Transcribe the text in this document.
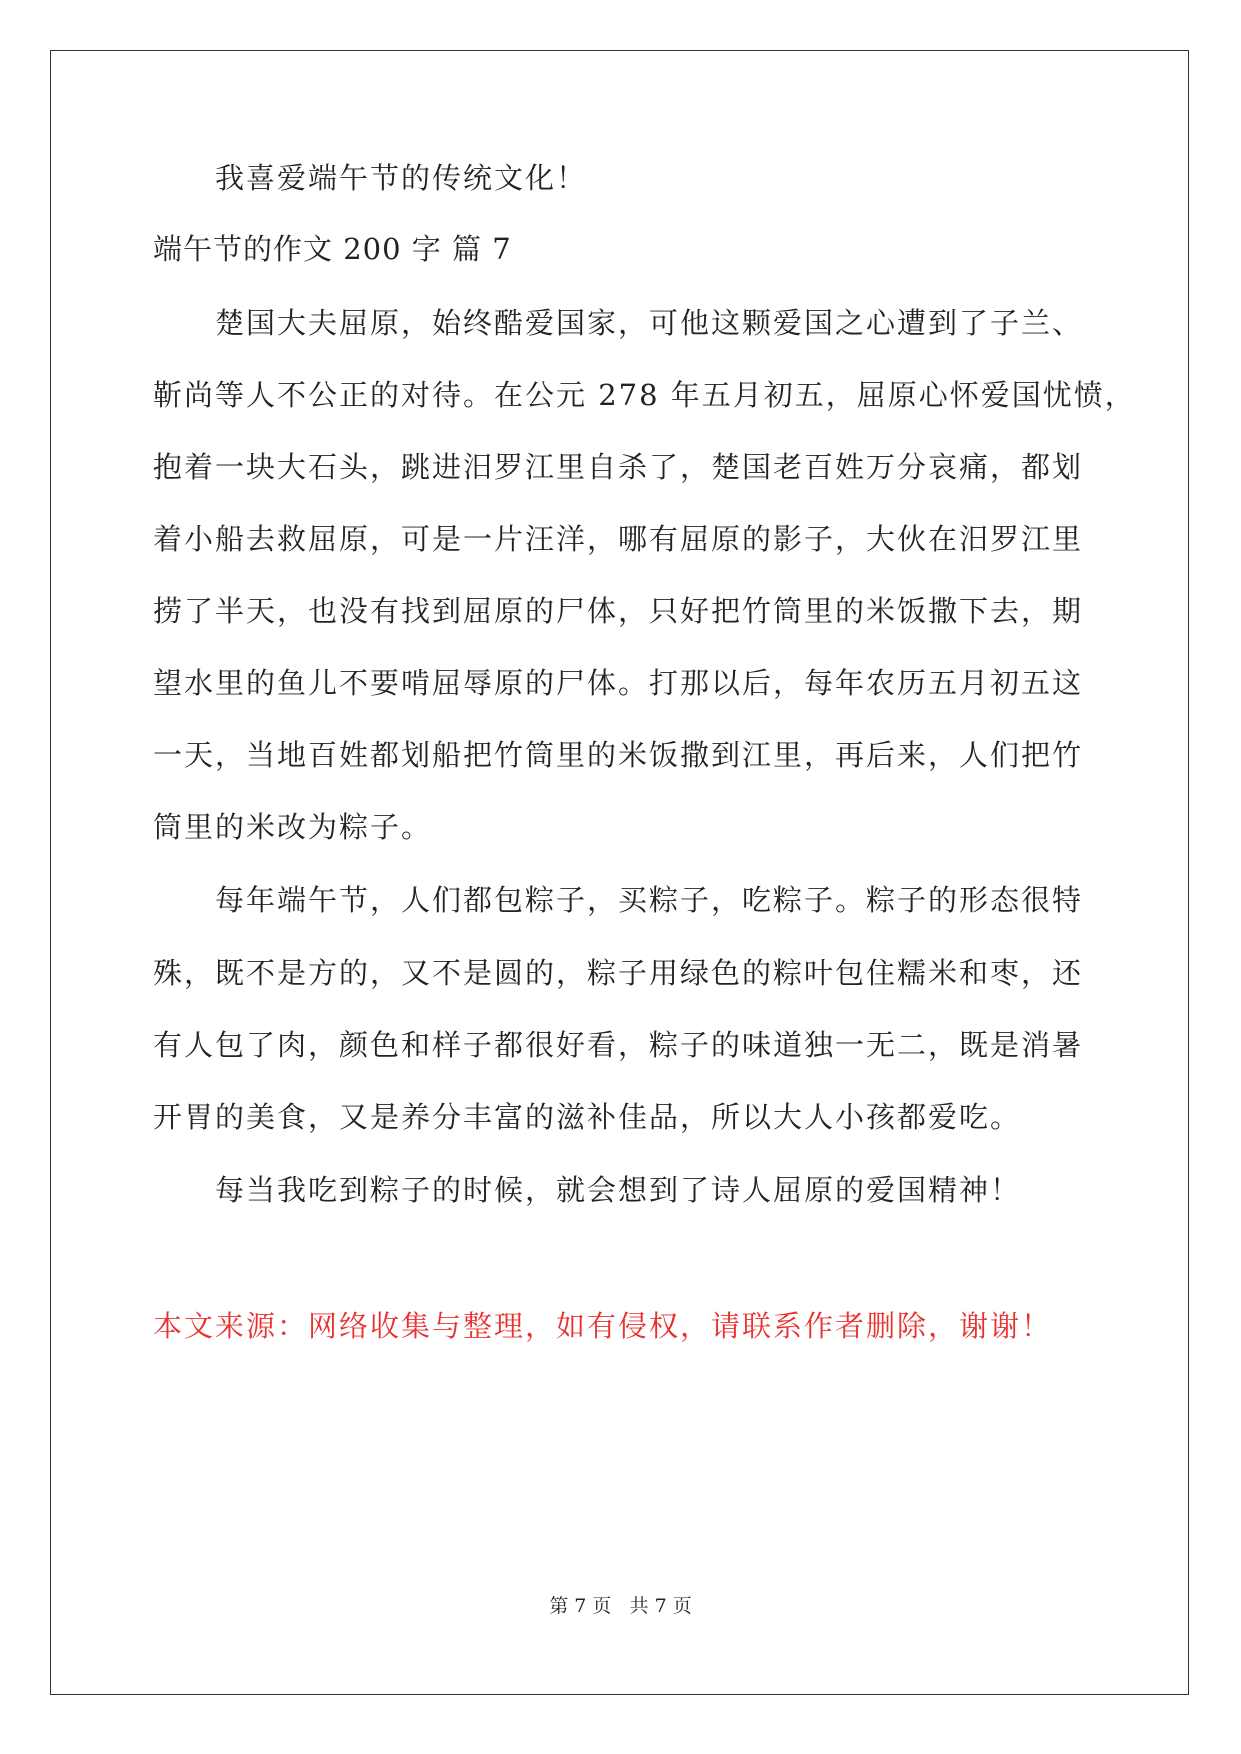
我喜爱端午节的传统文化！

端午节的作文 200 字 篇 7

楚国大夫屈原，始终酷爱国家，可他这颗爱国之心遭到了子兰、

靳尚等人不公正的对待。在公元 278 年五月初五，屈原心怀爱国忧愤，

抱着一块大石头，跳进汨罗江里自杀了，楚国老百姓万分哀痛，都划

着小船去救屈原，可是一片汪洋，哪有屈原的影子，大伙在汨罗江里

捞了半天，也没有找到屈原的尸体，只好把竹筒里的米饭撒下去，期

望水里的鱼儿不要啃屈辱原的尸体。打那以后，每年农历五月初五这

一天，当地百姓都划船把竹筒里的米饭撒到江里，再后来，人们把竹

筒里的米改为粽子。

每年端午节，人们都包粽子，买粽子，吃粽子。粽子的形态很特

殊，既不是方的，又不是圆的，粽子用绿色的粽叶包住糯米和枣，还

有人包了肉，颜色和样子都很好看，粽子的味道独一无二，既是消暑

开胃的美食，又是养分丰富的滋补佳品，所以大人小孩都爱吃。

每当我吃到粽子的时候，就会想到了诗人屈原的爱国精神！

本文来源：网络收集与整理，如有侵权，请联系作者删除，谢谢！

第 7 页   共 7 页
